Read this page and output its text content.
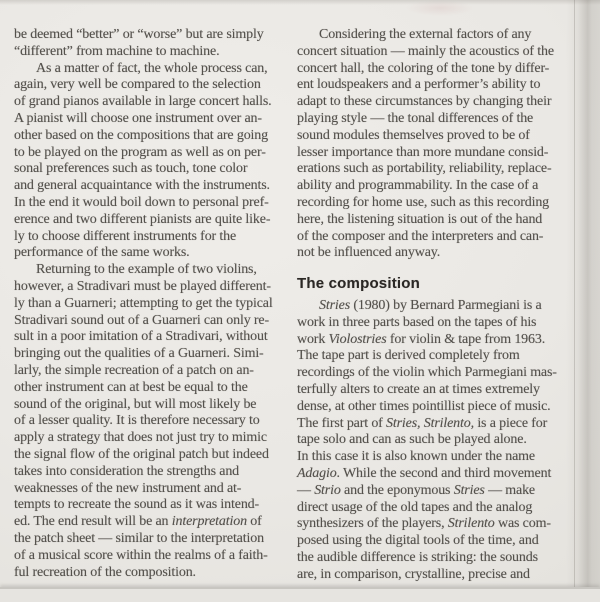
be deemed “better” or “worse” but are simply
“different” from machine to machine.
As a matter of fact, the whole process can,
again, very well be compared to the selection
of grand pianos available in large concert halls.
A pianist will choose one instrument over an-
other based on the compositions that are going
to be played on the program as well as on per-
sonal preferences such as touch, tone color
and general acquaintance with the instruments.
In the end it would boil down to personal pref-
erence and two different pianists are quite like-
ly to choose different instruments for the
performance of the same works.
Returning to the example of two violins,
however, a Stradivari must be played different-
ly than a Guarneri; attempting to get the typical
Stradivari sound out of a Guarneri can only re-
sult in a poor imitation of a Stradivari, without
bringing out the qualities of a Guarneri. Simi-
larly, the simple recreation of a patch on an-
other instrument can at best be equal to the
sound of the original, but will most likely be
of a lesser quality. It is therefore necessary to
apply a strategy that does not just try to mimic
the signal flow of the original patch but indeed
takes into consideration the strengths and
weaknesses of the new instrument and at-
tempts to recreate the sound as it was intend-
ed. The end result will be an interpretation of
the patch sheet — similar to the interpretation
of a musical score within the realms of a faith-
ful recreation of the composition.
Considering the external factors of any
concert situation — mainly the acoustics of the
concert hall, the coloring of the tone by differ-
ent loudspeakers and a performer’s ability to
adapt to these circumstances by changing their
playing style — the tonal differences of the
sound modules themselves proved to be of
lesser importance than more mundane consid-
erations such as portability, reliability, replace-
ability and programmability. In the case of a
recording for home use, such as this recording
here, the listening situation is out of the hand
of the composer and the interpreters and can-
not be influenced anyway.
The composition
Stries (1980) by Bernard Parmegiani is a
work in three parts based on the tapes of his
work Violostries for violin & tape from 1963.
The tape part is derived completely from
recordings of the violin which Parmegiani mas-
terfully alters to create an at times extremely
dense, at other times pointillist piece of music.
The first part of Stries, Strilento, is a piece for
tape solo and can as such be played alone.
In this case it is also known under the name
Adagio. While the second and third movement
— Strio and the eponymous Stries — make
direct usage of the old tapes and the analog
synthesizers of the players, Strilento was com-
posed using the digital tools of the time, and
the audible difference is striking: the sounds
are, in comparison, crystalline, precise and
